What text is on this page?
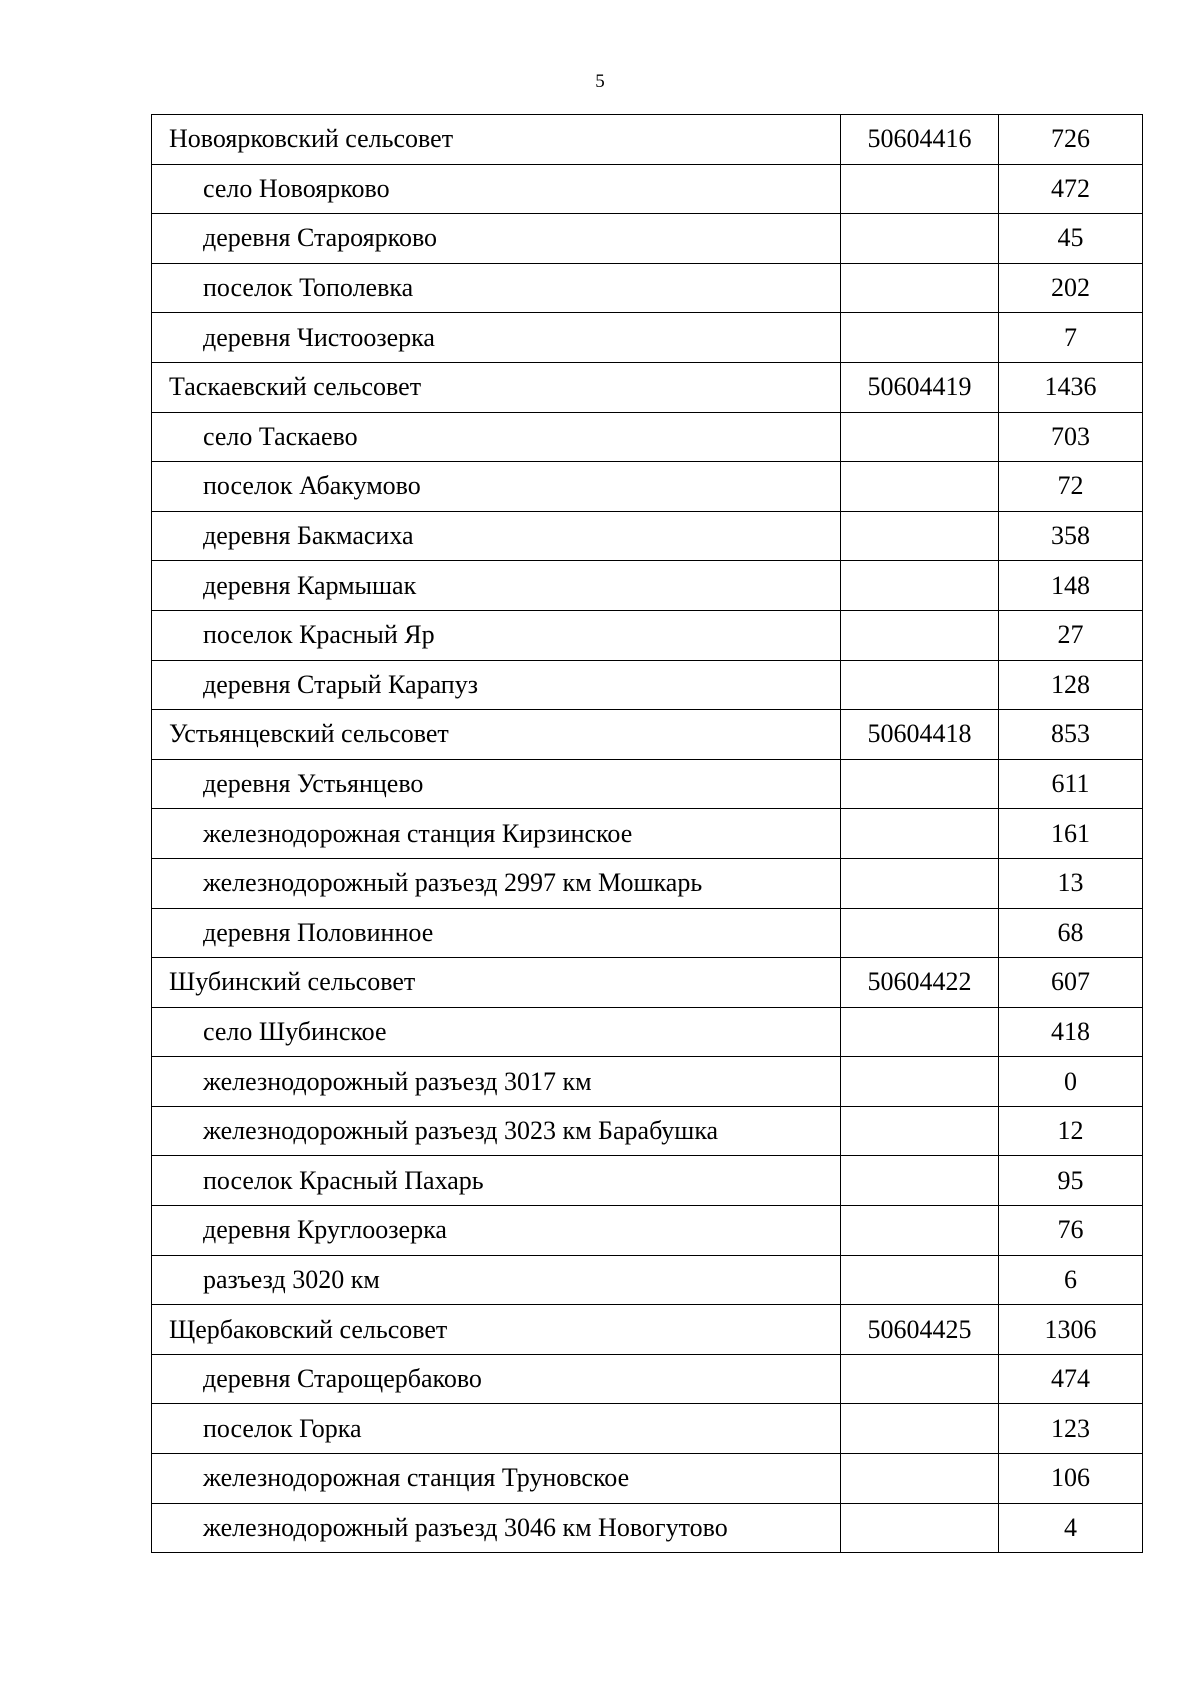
5
Новоярковский сельсовет	50604416	726
село Новоярково		472
деревня Староярково		45
поселок Тополевка		202
деревня Чистоозерка		7
Таскаевский сельсовет	50604419	1436
село Таскаево		703
поселок Абакумово		72
деревня Бакмасиха		358
деревня Кармышак		148
поселок Красный Яр		27
деревня Старый Карапуз		128
Устьянцевский сельсовет	50604418	853
деревня Устьянцево		611
железнодорожная станция Кирзинское		161
железнодорожный разъезд 2997 км Мошкарь		13
деревня Половинное		68
Шубинский сельсовет	50604422	607
село Шубинское		418
железнодорожный разъезд 3017 км		0
железнодорожный разъезд 3023 км Барабушка		12
поселок Красный Пахарь		95
деревня Круглоозерка		76
разъезд 3020 км		6
Щербаковский сельсовет	50604425	1306
деревня Старощербаково		474
поселок Горка		123
железнодорожная станция Труновское		106
железнодорожный разъезд 3046 км Новогутово		4
